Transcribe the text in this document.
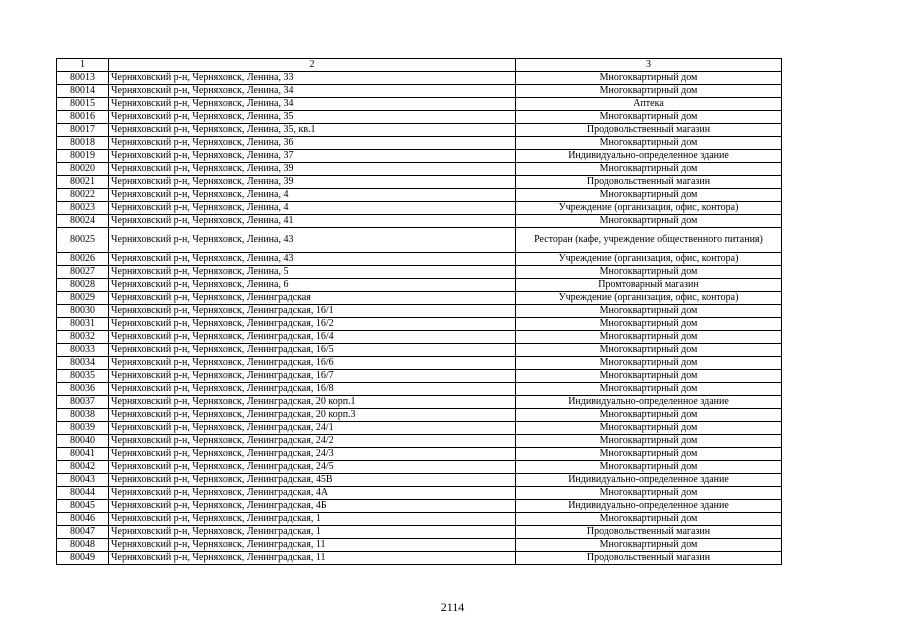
1	2	3
80013	Черняховский р-н, Черняховск, Ленина, 33	Многоквартирный дом
80014	Черняховский р-н, Черняховск, Ленина, 34	Многоквартирный дом
80015	Черняховский р-н, Черняховск, Ленина, 34	Аптека
80016	Черняховский р-н, Черняховск, Ленина, 35	Многоквартирный дом
80017	Черняховский р-н, Черняховск, Ленина, 35, кв.1	Продовольственный магазин
80018	Черняховский р-н, Черняховск, Ленина, 36	Многоквартирный дом
80019	Черняховский р-н, Черняховск, Ленина, 37	Индивидуально-определенное здание
80020	Черняховский р-н, Черняховск, Ленина, 39	Многоквартирный дом
80021	Черняховский р-н, Черняховск, Ленина, 39	Продовольственный магазин
80022	Черняховский р-н, Черняховск, Ленина, 4	Многоквартирный дом
80023	Черняховский р-н, Черняховск, Ленина, 4	Учреждение (организация, офис, контора)
80024	Черняховский р-н, Черняховск, Ленина, 41	Многоквартирный дом
80025	Черняховский р-н, Черняховск, Ленина, 43	Ресторан (кафе, учреждение общественного питания)
80026	Черняховский р-н, Черняховск, Ленина, 43	Учреждение (организация, офис, контора)
80027	Черняховский р-н, Черняховск, Ленина, 5	Многоквартирный дом
80028	Черняховский р-н, Черняховск, Ленина, 6	Промтоварный магазин
80029	Черняховский р-н, Черняховск, Ленинградская	Учреждение (организация, офис, контора)
80030	Черняховский р-н, Черняховск, Ленинградская, 16/1	Многоквартирный дом
80031	Черняховский р-н, Черняховск, Ленинградская, 16/2	Многоквартирный дом
80032	Черняховский р-н, Черняховск, Ленинградская, 16/4	Многоквартирный дом
80033	Черняховский р-н, Черняховск, Ленинградская, 16/5	Многоквартирный дом
80034	Черняховский р-н, Черняховск, Ленинградская, 16/6	Многоквартирный дом
80035	Черняховский р-н, Черняховск, Ленинградская, 16/7	Многоквартирный дом
80036	Черняховский р-н, Черняховск, Ленинградская, 16/8	Многоквартирный дом
80037	Черняховский р-н, Черняховск, Ленинградская, 20 корп.1	Индивидуально-определенное здание
80038	Черняховский р-н, Черняховск, Ленинградская, 20 корп.3	Многоквартирный дом
80039	Черняховский р-н, Черняховск, Ленинградская, 24/1	Многоквартирный дом
80040	Черняховский р-н, Черняховск, Ленинградская, 24/2	Многоквартирный дом
80041	Черняховский р-н, Черняховск, Ленинградская, 24/3	Многоквартирный дом
80042	Черняховский р-н, Черняховск, Ленинградская, 24/5	Многоквартирный дом
80043	Черняховский р-н, Черняховск, Ленинградская, 45В	Индивидуально-определенное здание
80044	Черняховский р-н, Черняховск, Ленинградская, 4А	Многоквартирный дом
80045	Черняховский р-н, Черняховск, Ленинградская, 4Б	Индивидуально-определенное здание
80046	Черняховский р-н, Черняховск, Ленинградская, 1	Многоквартирный дом
80047	Черняховский р-н, Черняховск, Ленинградская, 1	Продовольственный магазин
80048	Черняховский р-н, Черняховск, Ленинградская, 11	Многоквартирный дом
80049	Черняховский р-н, Черняховск, Ленинградская, 11	Продовольственный магазин
2114
